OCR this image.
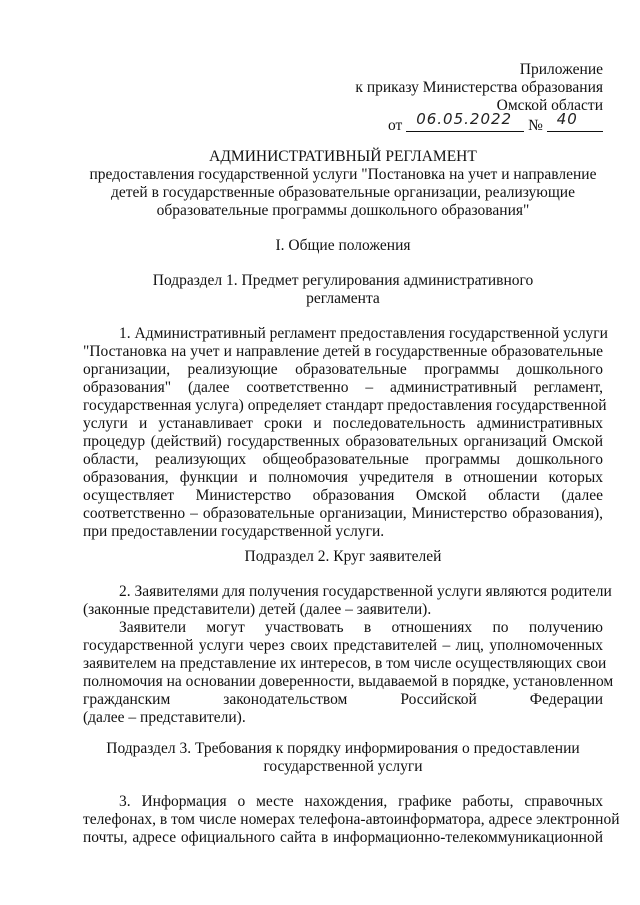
Приложение
к приказу Министерства образования
Омской области
от 06.05.2022 № 40
АДМИНИСТРАТИВНЫЙ РЕГЛАМЕНТ
предоставления государственной услуги "Постановка на учет и направление
детей в государственные образовательные организации, реализующие
образовательные программы дошкольного образования"
I. Общие положения
Подраздел 1. Предмет регулирования административного
регламента
1. Административный регламент предоставления государственной услуги
"Постановка на учет и направление детей в государственные образовательные
организации, реализующие образовательные программы дошкольного
образования" (далее соответственно – административный регламент,
государственная услуга) определяет стандарт предоставления государственной
услуги и устанавливает сроки и последовательность административных
процедур (действий) государственных образовательных организаций Омской
области, реализующих общеобразовательные программы дошкольного
образования, функции и полномочия учредителя в отношении которых
осуществляет Министерство образования Омской области (далее
соответственно – образовательные организации, Министерство образования),
при предоставлении государственной услуги.
Подраздел 2. Круг заявителей
2. Заявителями для получения государственной услуги являются родители
(законные представители) детей (далее – заявители).
Заявители могут участвовать в отношениях по получению
государственной услуги через своих представителей – лиц, уполномоченных
заявителем на представление их интересов, в том числе осуществляющих свои
полномочия на основании доверенности, выдаваемой в порядке, установленном
гражданским законодательством Российской Федерации
(далее – представители).
Подраздел 3. Требования к порядку информирования о предоставлении
государственной услуги
3. Информация о месте нахождения, графике работы, справочных
телефонах, в том числе номерах телефона-автоинформатора, адресе электронной
почты, адресе официального сайта в информационно-телекоммуникационной
